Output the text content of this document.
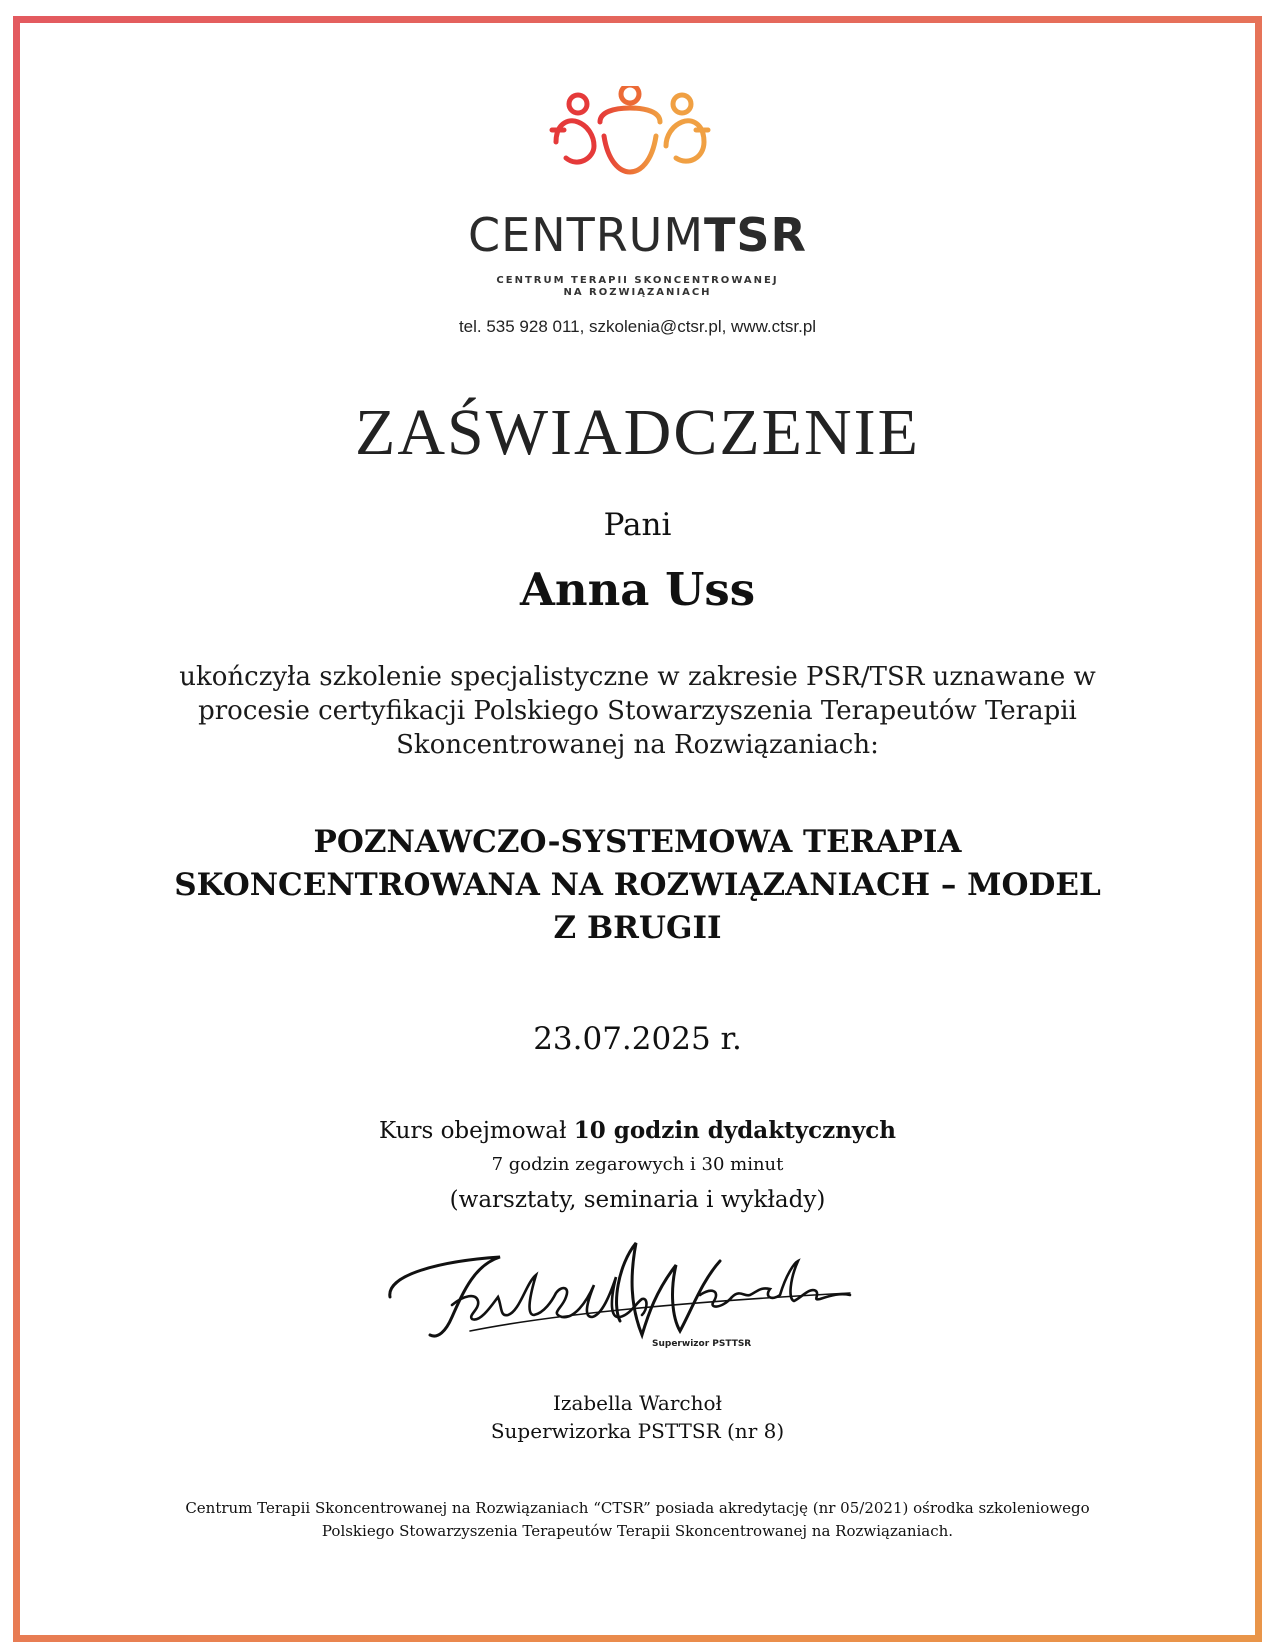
CENTRUMTSR
CENTRUM TERAPII SKONCENTROWANEJ
NA ROZWIĄZANIACH
tel. 535 928 011, szkolenia@ctsr.pl, www.ctsr.pl
ZAŚWIADCZENIE
Pani
Anna Uss
ukończyła szkolenie specjalistyczne w zakresie PSR/TSR uznawane w
procesie certyfikacji Polskiego Stowarzyszenia Terapeutów Terapii
Skoncentrowanej na Rozwiązaniach:
POZNAWCZO-SYSTEMOWA TERAPIA
SKONCENTROWANA NA ROZWIĄZANIACH – MODEL
Z BRUGII
23.07.2025 r.
Kurs obejmował 10 godzin dydaktycznych
7 godzin zegarowych i 30 minut
(warsztaty, seminaria i wykłady)
Superwizor PSTTSR
Izabella Warchoł
Superwizorka PSTTSR (nr 8)
Centrum Terapii Skoncentrowanej na Rozwiązaniach “CTSR” posiada akredytację (nr 05/2021) ośrodka szkoleniowego
Polskiego Stowarzyszenia Terapeutów Terapii Skoncentrowanej na Rozwiązaniach.
